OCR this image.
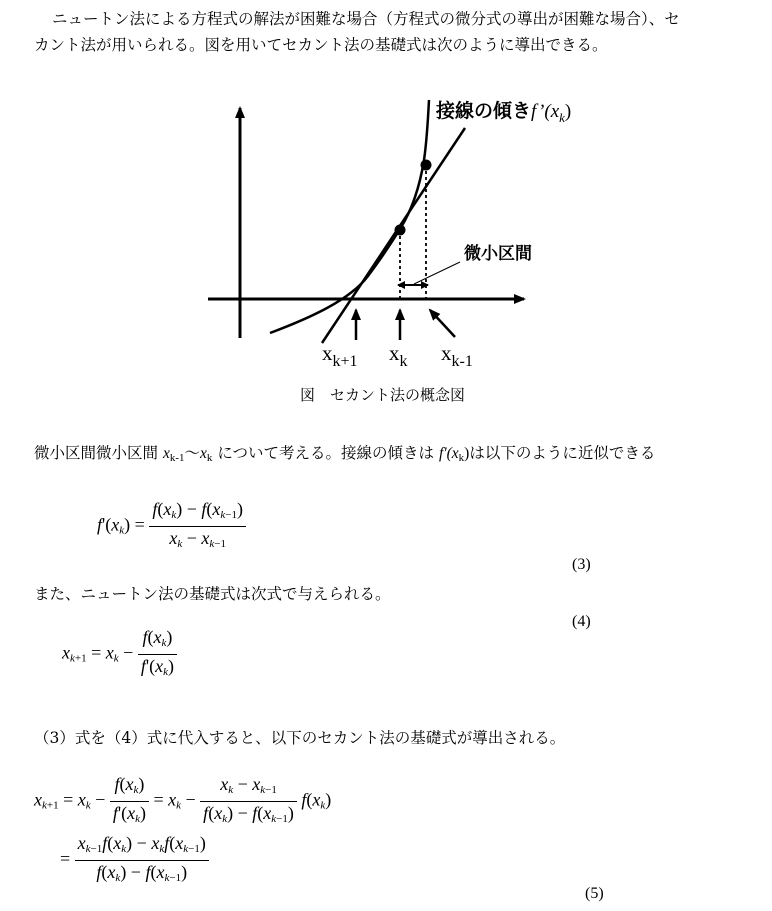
ニュートン法による方程式の解法が困難な場合（方程式の微分式の導出が困難な場合）、セ
カント法が用いられる。図を用いてセカント法の基礎式は次のように導出できる。
接線の傾き$f’(x_k)$
微小区間
$x_{k+1}$ $x_k$ $x_{k-1}$
図　セカント法の概念図
微小区間微小区間 $x_{k-1}$〜$x_k$ について考える。接線の傾きは $f'(x_k)$は以下のように近似できる
$f'(x_k) = \frac{f(x_k) - f(x_{k-1})}{x_k - x_{k-1}}$
(3)
また、ニュートン法の基礎式は次式で与えられる。
(4)
$x_{k+1} = x_k - \frac{f(x_k)}{f'(x_k)}$
（3）式を（4）式に代入すると、以下のセカント法の基礎式が導出される。
$x_{k+1} = x_k - \frac{f(x_k)}{f'(x_k)} = x_k - \frac{x_k - x_{k-1}}{f(x_k) - f(x_{k-1})} f(x_k)$
= $\frac{x_{k-1}f(x_k) - x_kf(x_{k-1})}{f(x_k) - f(x_{k-1})}$
(5)
